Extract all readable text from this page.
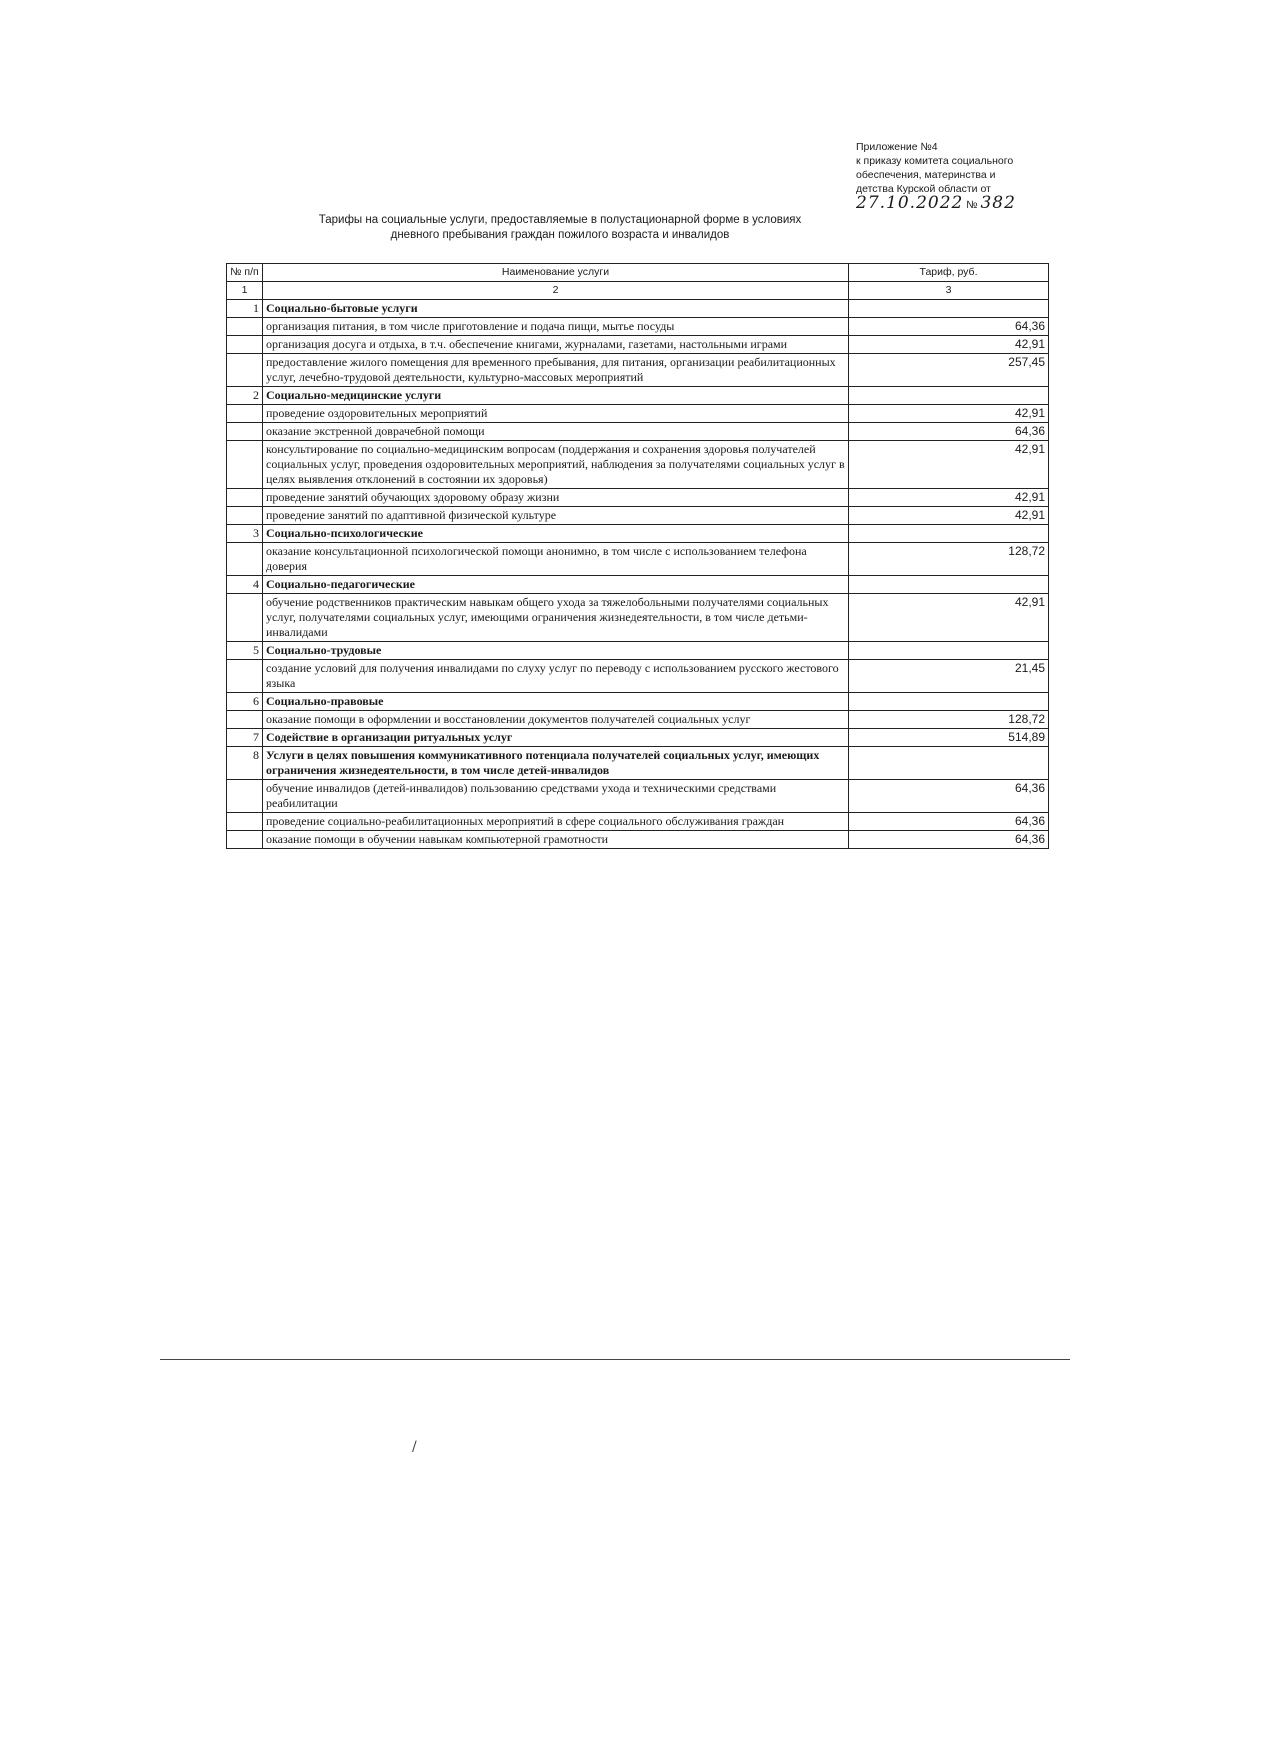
Приложение №4
к приказу комитета социального
обеспечения, материнства и
детства Курской области от
27.10.2022 № 382
Тарифы на социальные услуги, предоставляемые в полустационарной форме в условиях
дневного пребывания граждан пожилого возраста и инвалидов
№ п/п	Наименование услуги	Тариф, руб.
1	2	3
1	Социально-бытовые услуги	
	организация питания, в том числе приготовление и подача пищи, мытье посуды	64,36
	организация досуга и отдыха, в т.ч. обеспечение книгами, журналами, газетами, настольными играми	42,91
	предоставление жилого помещения для временного пребывания, для питания, организации реабилитационных услуг, лечебно-трудовой деятельности, культурно-массовых мероприятий	257,45
2	Социально-медицинские услуги	
	проведение оздоровительных мероприятий	42,91
	оказание экстренной доврачебной помощи	64,36
	консультирование по социально-медицинским вопросам (поддержания и сохранения здоровья получателей социальных услуг, проведения оздоровительных мероприятий, наблюдения за получателями социальных услуг в целях выявления отклонений в состоянии их здоровья)	42,91
	проведение занятий обучающих здоровому образу жизни	42,91
	проведение занятий по адаптивной физической культуре	42,91
3	Социально-психологические	
	оказание консультационной психологической помощи анонимно, в том числе с использованием телефона доверия	128,72
4	Социально-педагогические	
	обучение родственников практическим навыкам общего ухода за тяжелобольными получателями социальных услуг, получателями социальных услуг, имеющими ограничения жизнедеятельности, в том числе детьми-инвалидами	42,91
5	Социально-трудовые	
	создание условий для получения инвалидами по слуху услуг по переводу с использованием русского жестового языка	21,45
6	Социально-правовые	
	оказание помощи в оформлении и восстановлении документов получателей социальных услуг	128,72
7	Содействие в организации ритуальных услуг	514,89
8	Услуги в целях повышения коммуникативного потенциала получателей социальных услуг, имеющих ограничения жизнедеятельности, в том числе детей-инвалидов	
	обучение инвалидов (детей-инвалидов) пользованию средствами ухода и техническими средствами реабилитации	64,36
	проведение социально-реабилитационных мероприятий в сфере социального обслуживания граждан	64,36
	оказание помощи в обучении навыкам компьютерной грамотности	64,36
/
